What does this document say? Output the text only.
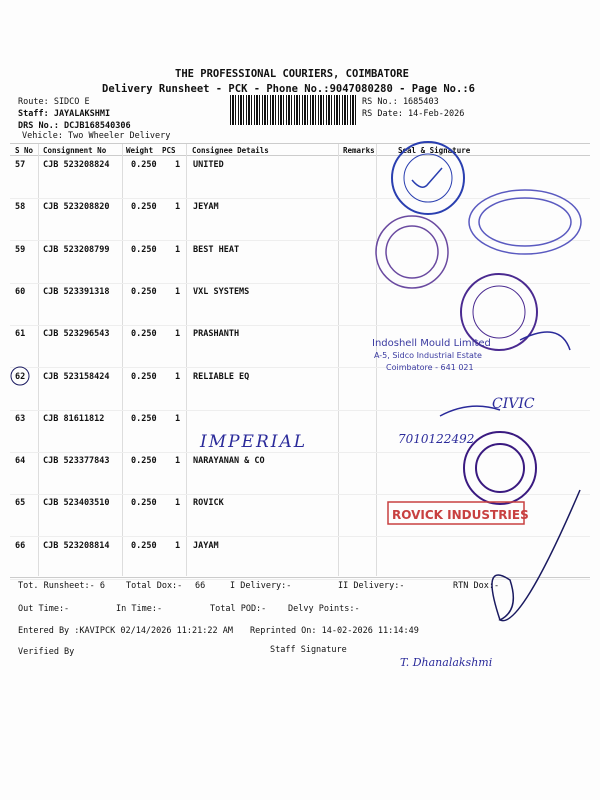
THE PROFESSIONAL COURIERS, COIMBATORE
Delivery Runsheet - PCK - Phone No.:9047080280 - Page No.:6
Route: SIDCO E
Staff: JAYALAKSHMI
DRS No.: DCJB168540306
Vehicle: Two Wheeler Delivery
RS No.: 1685403
RS Date: 14-Feb-2026
S No Consignment No	Weight PCS Consignee Details	Remarks	Seal & Signature
57 CJB 523208824	0.250 1 UNITED
58 CJB 523208820	0.250 1 JEYAM
59 CJB 523208799	0.250 1 BEST HEAT
60 CJB 523391318	0.250 1 VXL SYSTEMS
61 CJB 523296543	0.250 1 PRASHANTH
62 CJB 523158424	0.250 1 RELIABLE EQ
63 CJB 81611812	0.250 1
64 CJB 523377843	0.250 1 NARAYANAN & CO
65 CJB 523403510	0.250 1 ROVICK
66 CJB 523208814	0.250 1 JAYAM
Tot. Runsheet:- 6 Total Dox:- 66	I Delivery:-	II Delivery:-	RTN Dox:-
Out Time:-	In Time:-	Total POD:-	Delvy Points:-
Entered By :KAVIPCK 02/14/2026 11:21:22 AM Reprinted On: 14-02-2026 11:14:49
Verified By	Staff Signature
IMPERIAL	7010122492
CIVIC
T. Dhanalakshmi
Indoshell Mould Limited
A-5, Sidco Industrial Estate
Coimbatore - 641 021
ROVICK INDUSTRIES
